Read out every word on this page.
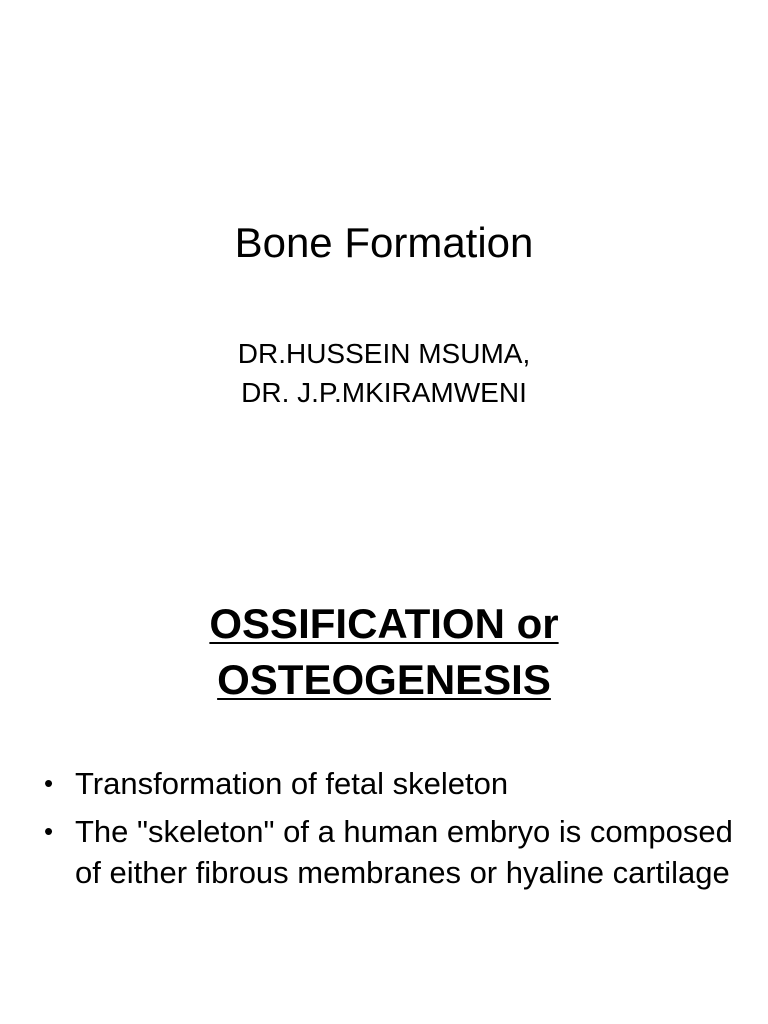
Bone Formation
DR.HUSSEIN MSUMA,
DR. J.P.MKIRAMWENI
OSSIFICATION or
OSTEOGENESIS
• Transformation of fetal skeleton
• The "skeleton" of a human embryo is composed of either fibrous membranes or hyaline cartilage
